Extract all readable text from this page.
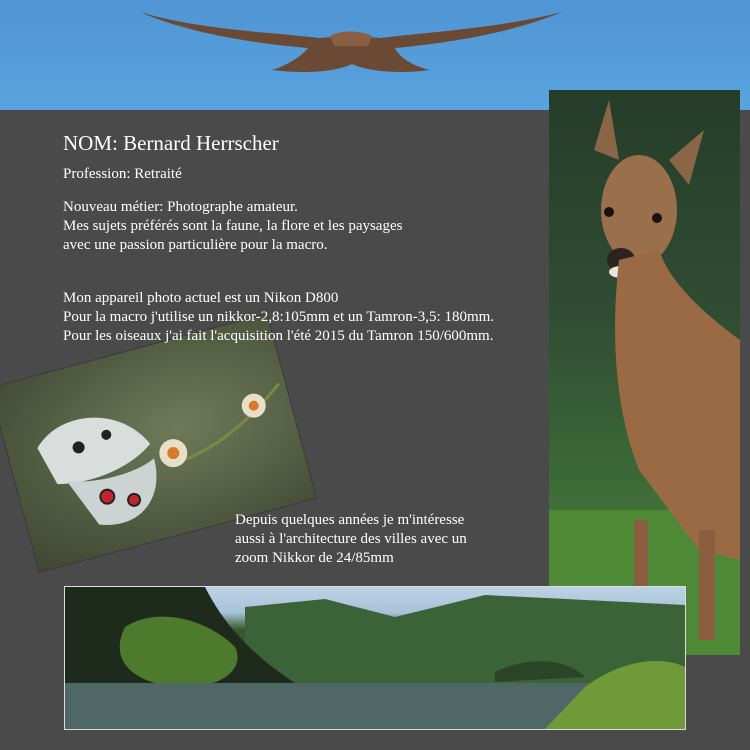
NOM: Bernard Herrscher

Profession: Retraité

Nouveau métier: Photographe amateur.
Mes sujets préférés sont la faune, la flore et les paysages
avec une passion particulière pour la macro.
Mon appareil photo actuel est un Nikon D800
Pour la macro j'utilise un nikkor-2,8:105mm et un Tamron-3,5: 180mm.
Pour les oiseaux j'ai fait l'acquisition l'été 2015 du Tamron 150/600mm.
Depuis quelques années je m'intéresse
aussi à l'architecture des villes avec un
zoom Nikkor de 24/85mm
